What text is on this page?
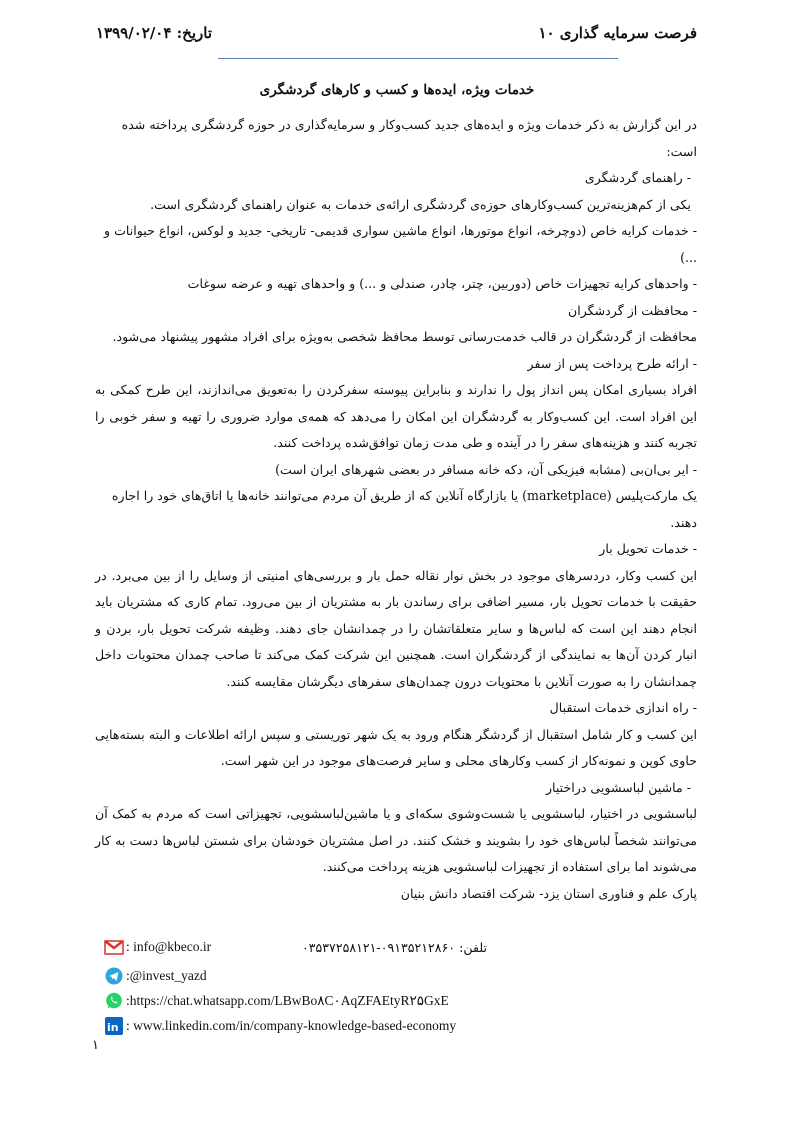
فرصت سرمایه گذاری ۱۰
تاریخ: ۱۳۹۹/۰۲/۰۴
خدمات ویژه، ایده‌ها و کسب و کارهای گردشگری

در این گزارش به ذکر خدمات ویژه و ایده‌های جدید کسب‌وکار و سرمایه‌گذاری در حوزه گردشگری پرداخته شده است:

- راهنمای گردشگری

یکی از کم‌هزینه‌ترین کسب‌وکارهای حوزه‌ی گردشگری ارائه‌ی خدمات به عنوان راهنمای گردشگری است.

- خدمات کرایه خاص (دوچرخه، انواع موتورها، انواع ماشین سواری قدیمی- تاریخی- جدید و لوکس، انواع حیوانات و ...)

- واحدهای کرایه تجهیزات خاص (دوربین، چتر، چادر، صندلی و ...) و واحدهای تهیه و عرضه سوغات

- محافظت از گردشگران

محافظت از گردشگران در قالب خدمت‌رسانی توسط محافظ شخصی به‌ویژه برای افراد مشهور پیشنهاد می‌شود.

- ارائه طرح پرداخت پس از سفر

افراد بسیاری امکان پس انداز پول را ندارند و بنابراین پیوسته سفرکردن را به‌تعویق می‌اندازند، این طرح کمکی به این افراد است. این کسب‌وکار به گردشگران این امکان را می‌دهد که همه‌ی موارد ضروری را تهیه و سفر خوبی را تجربه کنند و هزینه‌های سفر را در آینده و طی مدت زمان توافق‌شده پرداخت کنند.

- ایر بی‌ان‌بی (مشابه فیزیکی آن، دکه خانه مسافر در بعضی شهرهای ایران است)

یک مارکت‌پلیس (marketplace) یا بازارگاه آنلاین که از طریق آن مردم می‌توانند خانه‌ها یا اتاق‌های خود را اجاره دهند.

- خدمات تحویل بار

این کسب وکار، دردسرهای موجود در بخش نوار نقاله حمل بار و بررسی‌های امنیتی از وسایل را از بین می‌برد. در حقیقت با خدمات تحویل بار، مسیر اضافی برای رساندن بار به مشتریان از بین می‌رود. تمام کاری که مشتریان باید انجام دهند این است که لباس‌ها و سایر متعلقاتشان را در چمدانشان جای دهند. وظیفه شرکت تحویل بار، بردن و انبار کردن آن‌ها به نمایندگی از گردشگران است. همچنین این شرکت کمک می‌کند تا صاحب چمدان محتویات داخل چمدانشان را به صورت آنلاین با محتویات درون چمدان‌های سفرهای دیگرشان مقایسه کنند.

- راه اندازی خدمات استقبال

این کسب و کار شامل استقبال از گردشگر هنگام ورود به یک شهر توریستی و سپس ارائه اطلاعات و البته بسته‌هایی حاوی کوپن و نمونه‌کار از کسب وکارهای محلی و سایر فرصت‌های موجود در این شهر است.

- ماشین لباسشویی دراختیار

لباسشویی در اختیار، لباسشویی یا شست‌وشوی سکه‌ای و یا ماشین‌لباسشویی، تجهیزاتی است که مردم به کمک آن می‌توانند شخصاً لباس‌های خود را بشویند و خشک کنند. در اصل مشتریان خودشان برای شستن لباس‌ها دست به کار می‌شوند اما برای استفاده از تجهیزات لباسشویی هزینه پرداخت می‌کنند.

پارک علم و فناوری استان یزد- شرکت اقتصاد دانش بنیان

: info@kbeco.ir	تلفن: ۰۹۱۳۵۲۱۲۸۶۰-۰۳۵۳۷۲۵۸۱۲۱
:@invest_yazd
:https://chat.whatsapp.com/LBwBo۸C۰AqZFAEtyR۲۵GxE
in : www.linkedin.com/in/company-knowledge-based-economy
۱
